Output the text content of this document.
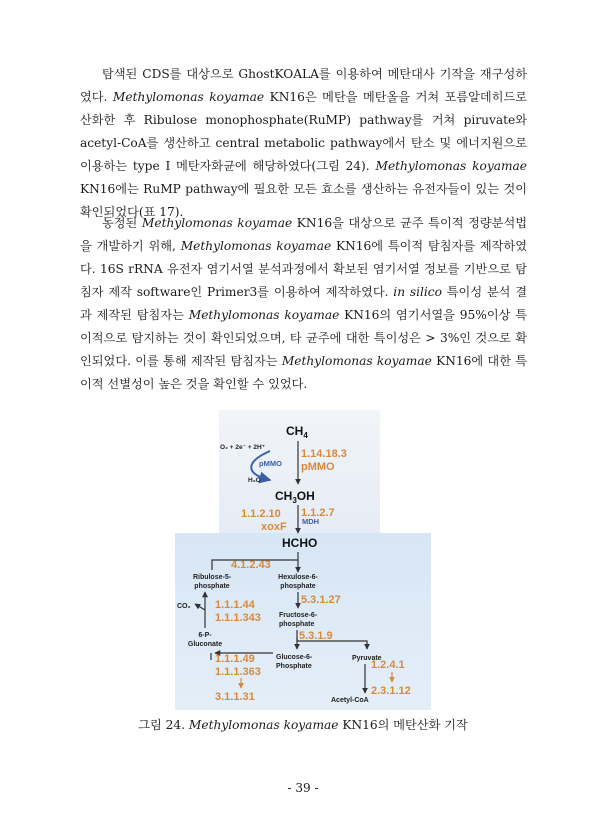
탐색된 CDS를 대상으로 GhostKOALA를 이용하여 메탄대사 기작을 재구성하였다. Methylomonas koyamae KN16은 메탄을 메탄올을 거쳐 포름알데히드로 산화한 후 Ribulose monophosphate(RuMP) pathway를 거쳐 piruvate와 acetyl-CoA를 생산하고 central metabolic pathway에서 탄소 및 에너지원으로 이용하는 type I 메탄자화균에 해당하였다(그림 24). Methylomonas koyamae KN16에는 RuMP pathway에 필요한 모든 효소를 생산하는 유전자들이 있는 것이 확인되었다(표 17).

동정된 Methylomonas koyamae KN16을 대상으로 균주 특이적 정량분석법을 개발하기 위해, Methylomonas koyamae KN16에 특이적 탐침자를 제작하였다. 16S rRNA 유전자 염기서열 분석과정에서 확보된 염기서열 정보를 기반으로 탐침자 제작 software인 Primer3를 이용하여 제작하였다. in silico 특이성 분석 결과 제작된 탐침자는 Methylomonas koyamae KN16의 염기서열을 95%이상 특이적으로 탐지하는 것이 확인되었으며, 타 균주에 대한 특이성은 > 3%인 것으로 확인되었다. 이를 통해 제작된 탐침자는 Methylomonas koyamae KN16에 대한 특이적 선별성이 높은 것을 확인할 수 있었다.

$CH_4$
O₂ + 2e⁻ + 2H⁺
pMMO
H₂O
1.14.18.3
pMMO
$CH_3OH$
1.1.2.10
xoxF
1.1.2.7
MDH
HCHO
4.1.2.43
Ribulose-5-
phosphate
Hexulose-6-
phosphate
5.3.1.27
Fructose-6-
phosphate
CO₂ 1.1.1.44
1.1.1.343
6-P-
Gluconate
5.3.1.9
1.1.1.49
1.1.1.363
3.1.1.31
Glucose-6-
Phosphate
Pyruvate
1.2.4.1
2.3.1.12
Acetyl-CoA
그림 24. Methylomonas koyamae KN16의 메탄산화 기작
- 39 -
